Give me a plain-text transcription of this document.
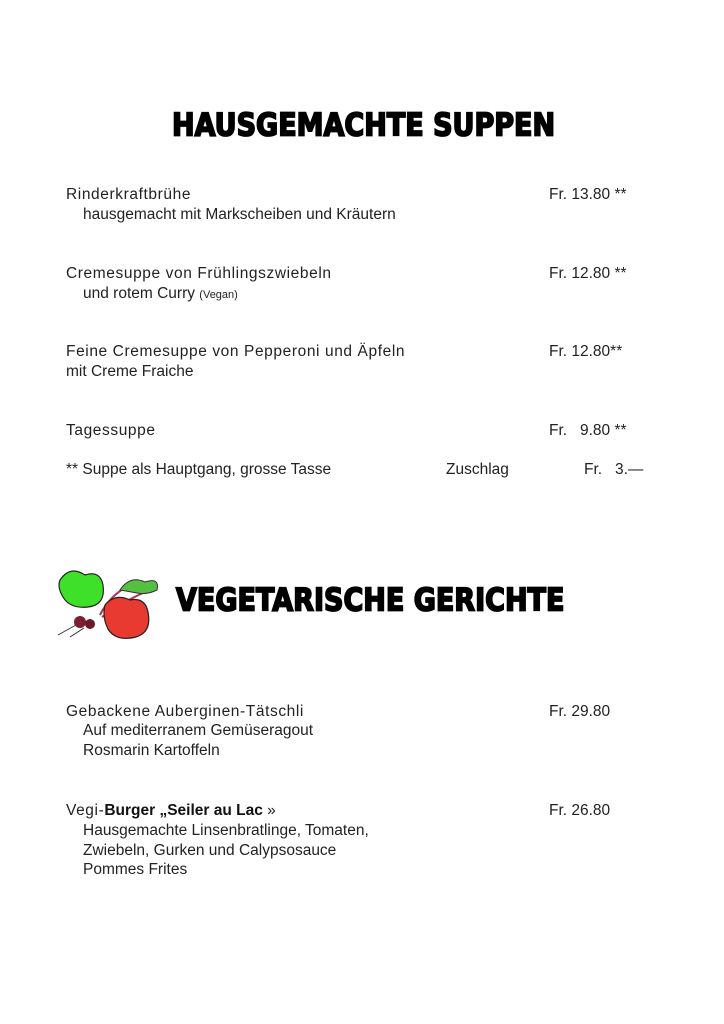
HAUSGEMACHTE SUPPEN
Rinderkraftbrühe	Fr. 13.80 **
hausgemacht mit Markscheiben und Kräutern
Cremesuppe von Frühlingszwiebeln	Fr. 12.80 **
und rotem Curry (Vegan)
Feine Cremesuppe von Pepperoni und Äpfeln	Fr. 12.80**
mit Creme Fraiche
Tagessuppe	Fr.   9.80 **
** Suppe als Hauptgang, grosse Tasse	Zuschlag	Fr.   3.—
VEGETARISCHE GERICHTE
Gebackene Auberginen-Tätschli	Fr. 29.80
Auf mediterranem Gemüseragout
Rosmarin Kartoffeln
Vegi-Burger „Seiler au Lac »	Fr. 26.80
Hausgemachte Linsenbratlinge, Tomaten,
Zwiebeln, Gurken und Calypsosauce
Pommes Frites
